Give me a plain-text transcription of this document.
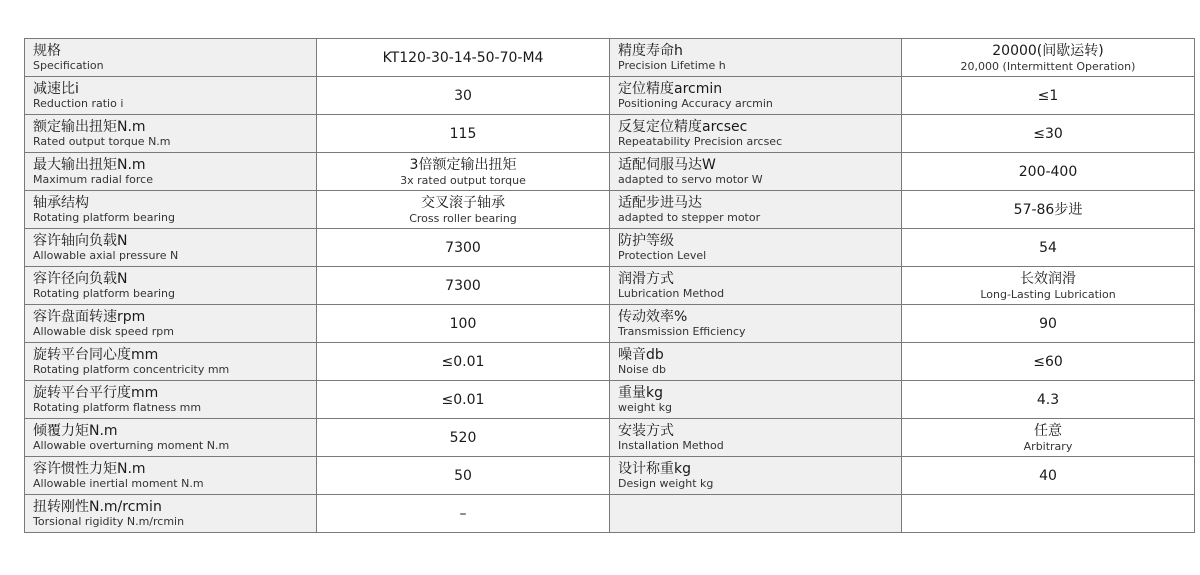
规格
Specification	KT120-30-14-50-70-M4	精度寿命h
Precision Lifetime h	20000(间歇运转)
20,000 (Intermittent Operation)

减速比i
Reduction ratio i	30	定位精度arcmin
Positioning Accuracy arcmin	≤1

额定输出扭矩N.m
Rated output torque N.m	115	反复定位精度arcsec
Repeatability Precision arcsec	≤30

最大输出扭矩N.m
Maximum radial force	3倍额定输出扭矩
3x rated output torque	适配伺服马达W
adapted to servo motor W	200-400

轴承结构
Rotating platform bearing	交叉滚子轴承
Cross roller bearing	适配步进马达
adapted to stepper motor	57-86步进

容许轴向负载N
Allowable axial pressure N	7300	防护等级
Protection Level	54

容许径向负载N
Rotating platform bearing	7300	润滑方式
Lubrication Method	长效润滑
Long-Lasting Lubrication

容许盘面转速rpm
Allowable disk speed rpm	100	传动效率%
Transmission Efficiency	90

旋转平台同心度mm
Rotating platform concentricity mm	≤0.01	噪音db
Noise db	≤60

旋转平台平行度mm
Rotating platform flatness mm	≤0.01	重量kg
weight kg	4.3

倾覆力矩N.m
Allowable overturning moment N.m	520	安装方式
Installation Method	任意
Arbitrary

容许惯性力矩N.m
Allowable inertial moment N.m	50	设计称重kg
Design weight kg	40

扭转刚性N.m/rcmin
Torsional rigidity N.m/rcmin	–		
